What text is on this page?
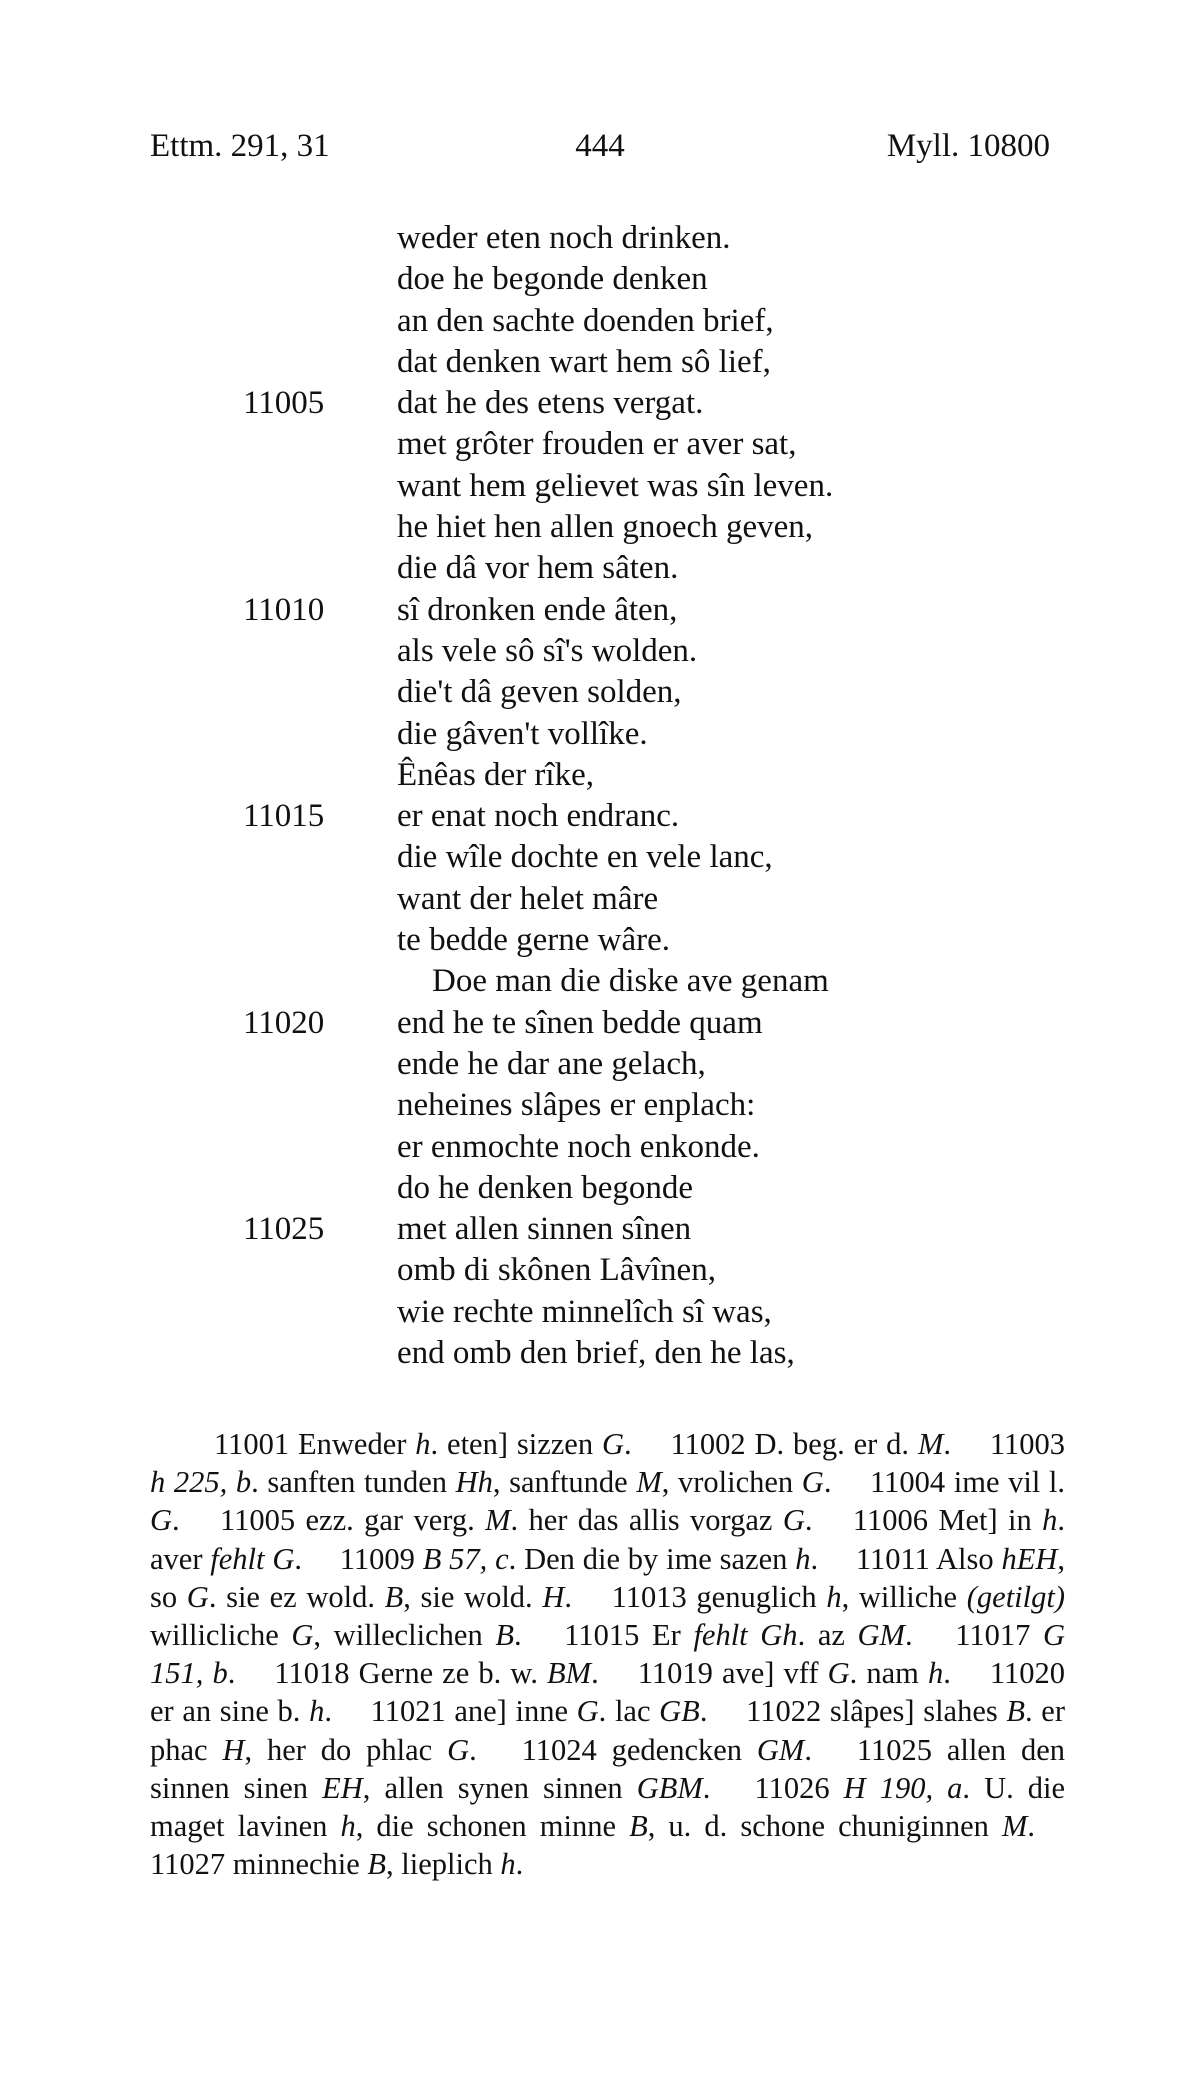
Ettm. 291, 31	444	Myll. 10800
weder eten noch drinken.
doe he begonde denken
an den sachte doenden brief,
dat denken wart hem sô lief,
11005	dat he des etens vergat.
met grôter frouden er aver sat,
want hem gelievet was sîn leven.
he hiet hen allen gnoech geven,
die dâ vor hem sâten.
11010	sî dronken ende âten,
als vele sô sî's wolden.
die't dâ geven solden,
die gâven't vollîke.
Ênêas der rîke,
11015	er enat noch endranc.
die wîle dochte en vele lanc,
want der helet mâre
te bedde gerne wâre.
Doe man die diske ave genam
11020	end he te sînen bedde quam
ende he dar ane gelach,
neheines slâpes er enplach:
er enmochte noch enkonde.
do he denken begonde
11025	met allen sinnen sînen
omb di skônen Lâvînen,
wie rechte minnelîch sî was,
end omb den brief, den he las,
11001 Enweder h. eten] sizzen G. 11002 D. beg. er d. M. 11003 h 225, b. sanften tunden Hh, sanftunde M, vrolichen G. 11004 ime vil l. G. 11005 ezz. gar verg. M. her das allis vorgaz G. 11006 Met] in h. aver fehlt G. 11009 B 57, c. Den die by ime sazen h. 11011 Also hEH, so G. sie ez wold. B, sie wold. H. 11013 genuglich h, williche (getilgt) willicliche G, willeclichen B. 11015 Er fehlt Gh. az GM. 11017 G 151, b. 11018 Gerne ze b. w. BM. 11019 ave] vff G. nam h. 11020 er an sine b. h. 11021 ane] inne G. lac GB. 11022 slâpes] slahes B. er phac H, her do phlac G. 11024 gedencken GM. 11025 allen den sinnen sinen EH, allen synen sinnen GBM. 11026 H 190, a. U. die maget lavinen h, die schonen minne B, u. d. schone chuniginnen M. 11027 minnechie B, lieplich h.
